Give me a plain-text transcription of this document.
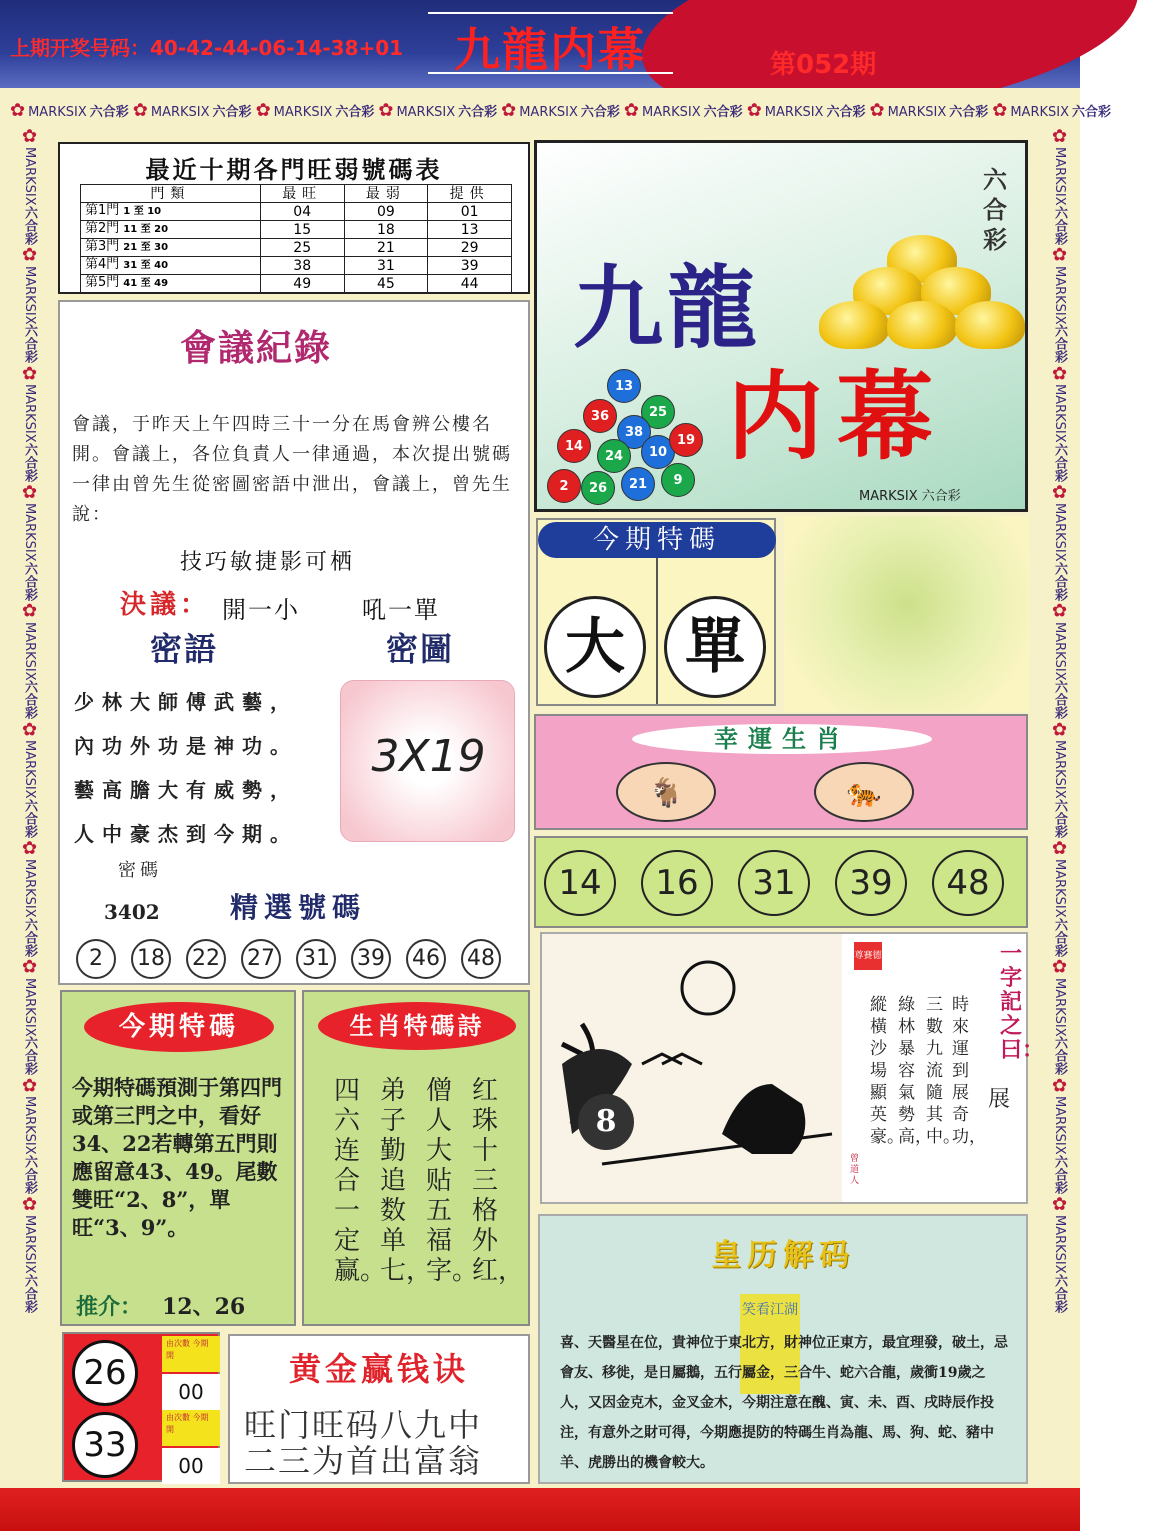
上期开奖号码：40-42-44-06-14-38+01	九龍内幕	第052期
✿ MARKSIX 六合彩 ✿ MARKSIX 六合彩 ✿ MARKSIX 六合彩 ✿ MARKSIX 六合彩 ✿ MARKSIX 六合彩 ✿ MARKSIX 六合彩 ✿ MARKSIX 六合彩 ✿ MARKSIX 六合彩 ✿ MARKSIX 六合彩
✿MARKSIX六合彩✿MARKSIX六合彩✿MARKSIX六合彩✿MARKSIX六合彩✿MARKSIX六合彩✿MARKSIX六合彩✿MARKSIX六合彩✿MARKSIX六合彩✿MARKSIX六合彩✿MARKSIX六合彩
✿MARKSIX六合彩✿MARKSIX六合彩✿MARKSIX六合彩✿MARKSIX六合彩✿MARKSIX六合彩✿MARKSIX六合彩✿MARKSIX六合彩✿MARKSIX六合彩✿MARKSIX六合彩✿MARKSIX六合彩
最近十期各門旺弱號碼表
門類	最旺	最弱	提供
第1門 1 至 10	04	09	01
第2門 11 至 20	15	18	13
第3門 21 至 30	25	21	29
第4門 31 至 40	38	31	39
第5門 41 至 49	49	45	44
會議紀錄
會議，于昨天上午四時三十一分在馬會辨公樓名開。會議上，各位負責人一律通過，本次提出號碼一律由曾先生從密圖密語中泄出，會議上，曾先生說：
技巧敏捷影可栖
決議： 開一小	吼一單
密語	密圖
少林大師傅武藝，
內功外功是神功。
藝高膽大有威勢，
人中豪杰到今期。
3X19
密碼
3402	精選號碼
2	18 22 27 31 39 46 48
六合彩
九龍
内幕
13
36	25
38
14
24	10
19
26	21
2	9
MARKSIX 六合彩
今期特碼
大	單
幸運生肖
🐐	🐅
14	16	31	39	48
8
尊賽德
時來運到展奇功，
三數九流隨其中。
綠林暴容氣勢高，
縱橫沙場顯英豪。
一字記之曰：
展
曾道人
今期特碼
今期特碼預測于第四門或第三門之中，看好34、22若轉第五門則應留意43、49。尾數雙旺“2、8”，單旺“3、9”。
推介： 12、26
生肖特碼詩
红珠十三格外红，
僧人大贴五福字。
弟子勤追数单七，
四六连合一定赢。
26
由次數 今期開
00
33
由次數 今期開
00
黄金赢钱诀
旺门旺码八九中
二三为首出富翁
皇历解码
笑看江湖
喜、天醫星在位，貴神位于東北方，財神位正東方，最宜理發，破土，忌會友、移徙，是日屬鵝，五行屬金，三合牛、蛇六合龍，歲衝19歲之人，又因金克木，金叉金木，今期注意在醜、寅、未、酉、戌時辰作投注，有意外之財可得，今期應提防的特碼生肖為龍、馬、狗、蛇、豬中羊、虎勝出的機會較大。
